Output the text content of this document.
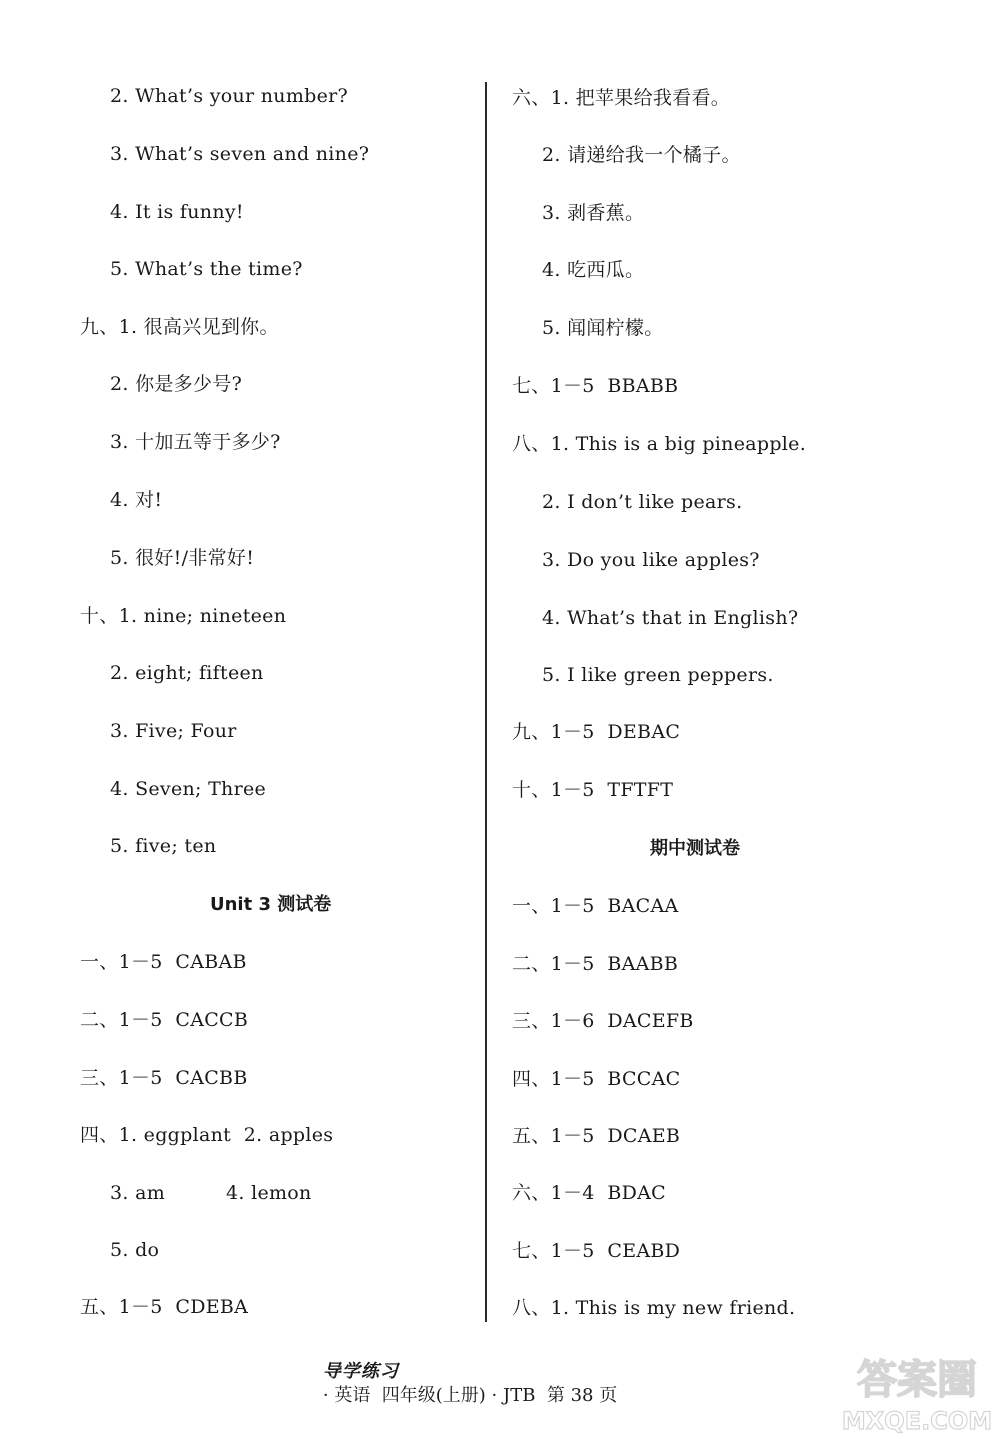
2. What’s your number?
3. What’s seven and nine?
4. It is funny!
5. What’s the time?
九、1. 很高兴见到你。
2. 你是多少号?
3. 十加五等于多少?
4. 对!
5. 很好!/非常好!
十、1. nine; nineteen
2. eight; fifteen
3. Five; Four
4. Seven; Three
5. five; ten
Unit 3 测试卷
一、1－5  CABAB
二、1－5  CACCB
三、1－5  CACBB
四、1. eggplant  2. apples
3. am	4. lemon
5. do
五、1－5  CDEBA
六、1. 把苹果给我看看。
2. 请递给我一个橘子。
3. 剥香蕉。
4. 吃西瓜。
5. 闻闻柠檬。
七、1－5  BBABB
八、1. This is a big pineapple.
2. I don’t like pears.
3. Do you like apples?
4. What’s that in English?
5. I like green peppers.
九、1－5  DEBAC
十、1－5  TFTFT
期中测试卷
一、1－5  BACAA
二、1－5  BAABB
三、1－6  DACEFB
四、1－5  BCCAC
五、1－5  DCAEB
六、1－4  BDAC
七、1－5  CEABD
八、1. This is my new friend.

导学练习
· 英语  四年级(上册) · JTB  第 38 页
	答案圈
MXQE.COM
